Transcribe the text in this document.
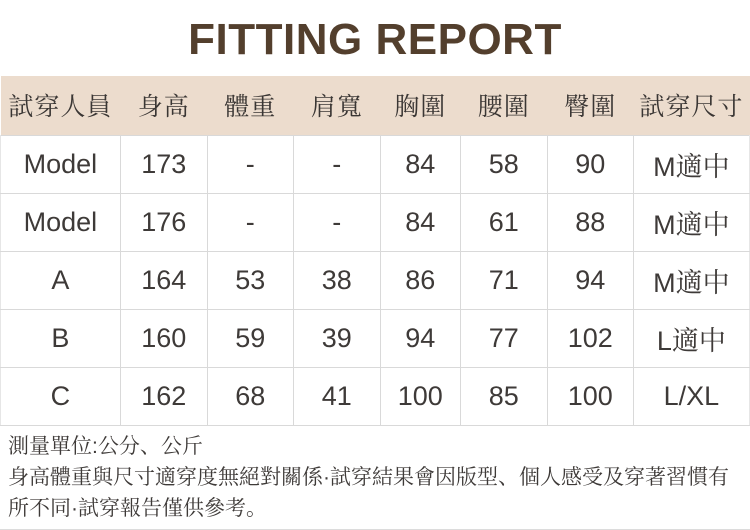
FITTING REPORT
試穿人員	身高	體重	肩寬	胸圍	腰圍	臀圍	試穿尺寸
Model	173	-	-	84	58	90	M適中
Model	176	-	-	84	61	88	M適中
A	164	53	38	86	71	94	M適中
B	160	59	39	94	77	102	L適中
C	162	68	41	100	85	100	L/XL

測量單位:公分、公斤

身高體重與尺寸適穿度無絕對關係·試穿結果會因版型、個人感受及穿著習慣有所不同·試穿報告僅供參考。
